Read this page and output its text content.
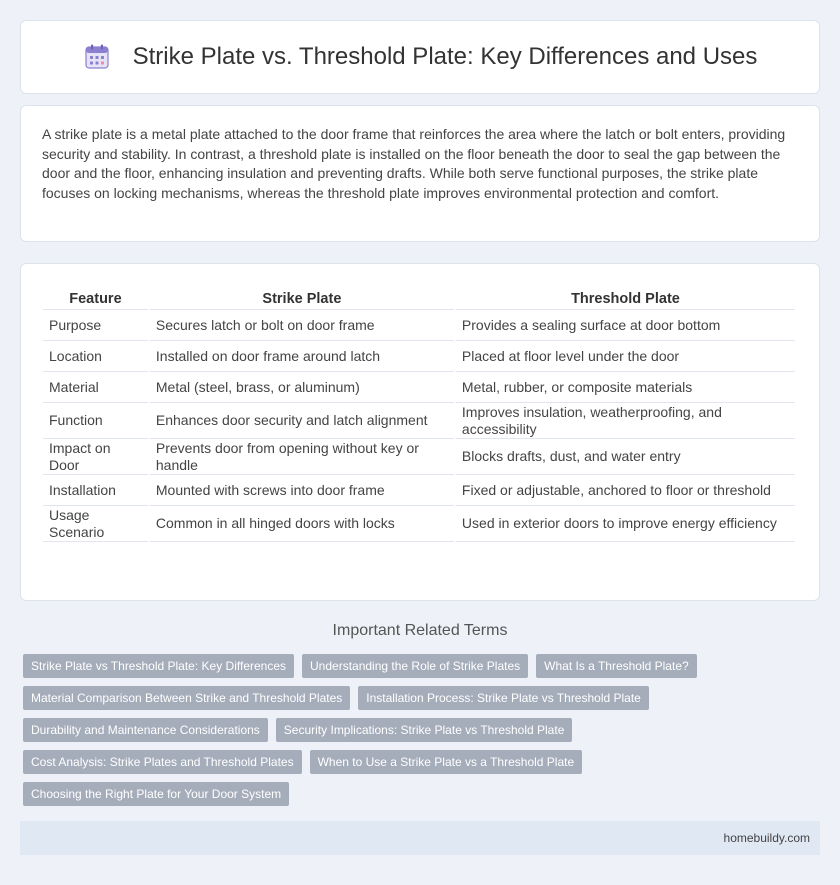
Strike Plate vs. Threshold Plate: Key Differences and Uses

A strike plate is a metal plate attached to the door frame that reinforces the area where the latch or bolt enters, providing security and stability. In contrast, a threshold plate is installed on the floor beneath the door to seal the gap between the door and the floor, enhancing insulation and preventing drafts. While both serve functional purposes, the strike plate focuses on locking mechanisms, whereas the threshold plate improves environmental protection and comfort.

Feature	Strike Plate	Threshold Plate
Purpose	Secures latch or bolt on door frame	Provides a sealing surface at door bottom
Location	Installed on door frame around latch	Placed at floor level under the door
Material	Metal (steel, brass, or aluminum)	Metal, rubber, or composite materials
Function	Enhances door security and latch alignment	Improves insulation, weatherproofing, and accessibility
Impact on Door	Prevents door from opening without key or handle	Blocks drafts, dust, and water entry
Installation	Mounted with screws into door frame	Fixed or adjustable, anchored to floor or threshold
Usage Scenario	Common in all hinged doors with locks	Used in exterior doors to improve energy efficiency
Important Related Terms
Strike Plate vs Threshold Plate: Key Differences	Understanding the Role of Strike Plates	What Is a Threshold Plate?
Material Comparison Between Strike and Threshold Plates	Installation Process: Strike Plate vs Threshold Plate
Durability and Maintenance Considerations	Security Implications: Strike Plate vs Threshold Plate
Cost Analysis: Strike Plates and Threshold Plates	When to Use a Strike Plate vs a Threshold Plate
Choosing the Right Plate for Your Door System
homebuildy.com
